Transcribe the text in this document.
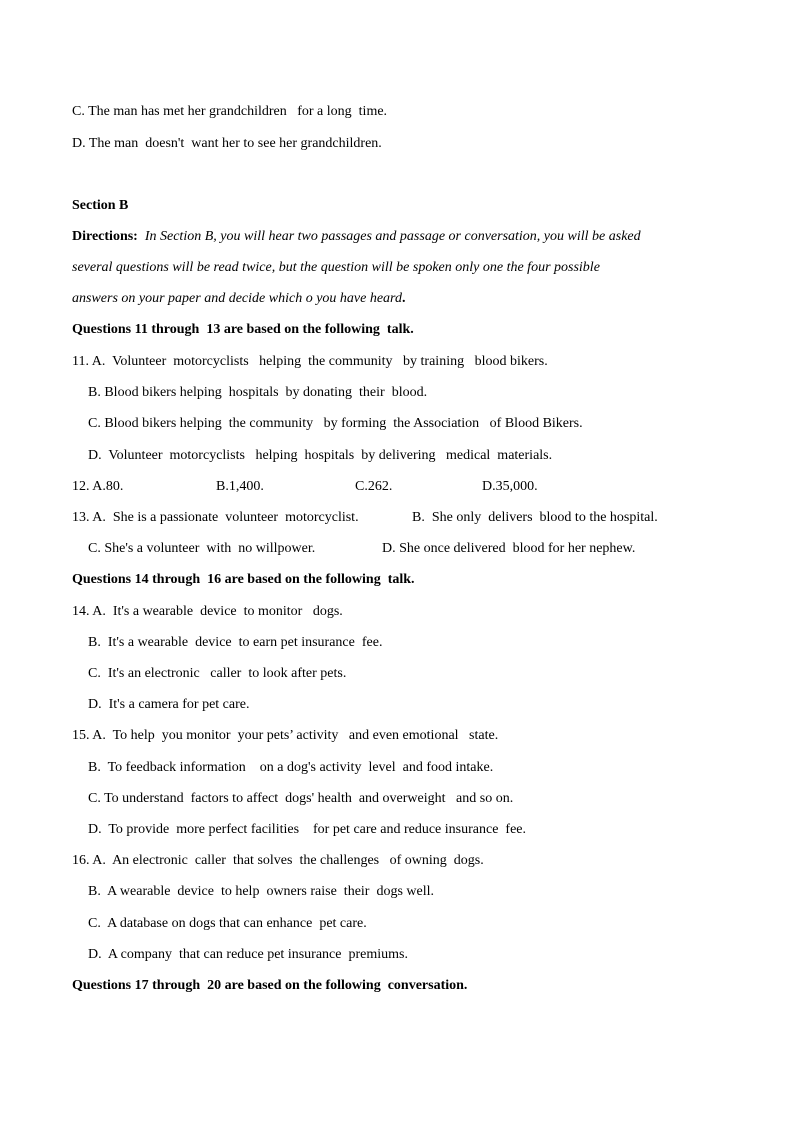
C. The man has met her grandchildren   for a long  time.
D. The man  doesn't  want her to see her grandchildren.
Section B
Directions: In Section B, you will hear two passages and passage or conversation, you will be asked
several questions will be read twice, but the question will be spoken only one the four possible
answers on your paper and decide which o you have heard.
Questions 11 through  13 are based on the following  talk.
11. A.  Volunteer  motorcyclists   helping  the community   by training   blood bikers.
B. Blood bikers helping  hospitals  by donating  their  blood.
C. Blood bikers helping  the community   by forming  the Association   of Blood Bikers.
D.  Volunteer  motorcyclists   helping  hospitals  by delivering   medical  materials.
12. A.80.	B.1,400.	C.262.	D.35,000.
13. A.  She is a passionate  volunteer  motorcyclist.	B.  She only  delivers  blood to the hospital.
C. She's a volunteer  with  no willpower.	D. She once delivered  blood for her nephew.
Questions 14 through  16 are based on the following  talk.
14. A.  It's a wearable  device  to monitor   dogs.
B.  It's a wearable  device  to earn pet insurance  fee.
C.  It's an electronic   caller  to look after pets.
D.  It's a camera for pet care.
15. A.  To help  you monitor  your pets’ activity   and even emotional   state.
B.  To feedback information    on a dog's activity  level  and food intake.
C. To understand  factors to affect  dogs' health  and overweight   and so on.
D.  To provide  more perfect facilities    for pet care and reduce insurance  fee.
16. A.  An electronic  caller  that solves  the challenges   of owning  dogs.
B.  A wearable  device  to help  owners raise  their  dogs well.
C.  A database on dogs that can enhance  pet care.
D.  A company  that can reduce pet insurance  premiums.
Questions 17 through  20 are based on the following  conversation.
